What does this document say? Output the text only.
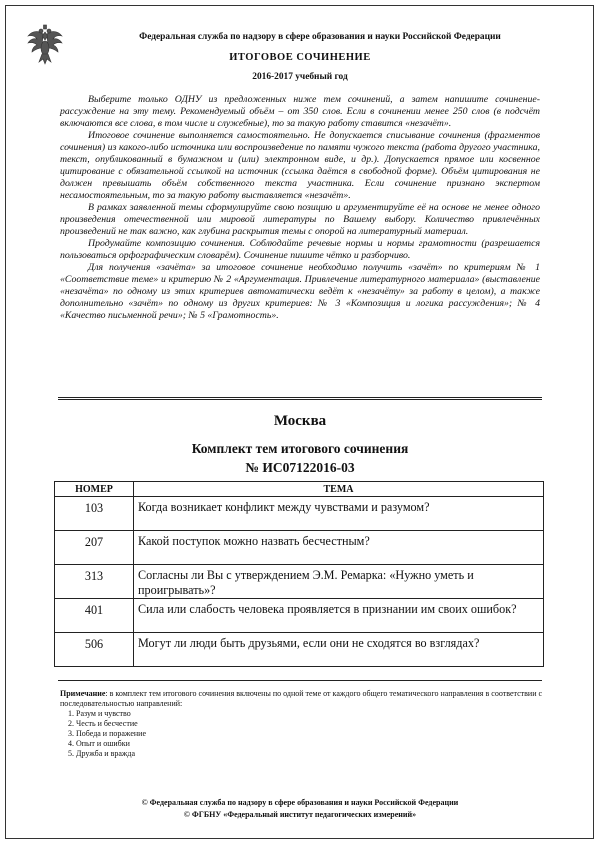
Федеральная служба по надзору в сфере образования и науки Российской Федерации
ИТОГОВОЕ СОЧИНЕНИЕ
2016-2017 учебный год

Выберите только ОДНУ из предложенных ниже тем сочинений, а затем напишите сочинение-рассуждение на эту тему. Рекомендуемый объём – от 350 слов. Если в сочинении менее 250 слов (в подсчёт включаются все слова, в том числе и служебные), то за такую работу ставится «незачёт».

Итоговое сочинение выполняется самостоятельно. Не допускается списывание сочинения (фрагментов сочинения) из какого-либо источника или воспроизведение по памяти чужого текста (работа другого участника, текст, опубликованный в бумажном и (или) электронном виде, и др.). Допускается прямое или косвенное цитирование с обязательной ссылкой на источник (ссылка даётся в свободной форме). Объём цитирования не должен превышать объём собственного текста участника. Если сочинение признано экспертом несамостоятельным, то за такую работу выставляется «незачёт».

В рамках заявленной темы сформулируйте свою позицию и аргументируйте её на основе не менее одного произведения отечественной или мировой литературы по Вашему выбору. Количество привлечённых произведений не так важно, как глубина раскрытия темы с опорой на литературный материал.

Продумайте композицию сочинения. Соблюдайте речевые нормы и нормы грамотности (разрешается пользоваться орфографическим словарём). Сочинение пишите чётко и разборчиво.

Для получения «зачёта» за итоговое сочинение необходимо получить «зачёт» по критериям № 1 «Соответствие теме» и критерию № 2 «Аргументация. Привлечение литературного материала» (выставление «незачёта» по одному из этих критериев автоматически ведёт к «незачёту» за работу в целом), а также дополнительно «зачёт» по одному из других критериев: № 3 «Композиция и логика рассуждения»; № 4 «Качество письменной речи»; № 5 «Грамотность».

Москва
Комплект тем итогового сочинения
№ ИС07122016-03
НОМЕР	ТЕМА
103	Когда возникает конфликт между чувствами и разумом?
207	Какой поступок можно назвать бесчестным?
313	Согласны ли Вы с утверждением Э.М. Ремарка: «Нужно уметь и проигрывать»?
401	Сила или слабость человека проявляется в признании им своих ошибок?
506	Могут ли люди быть друзьями, если они не сходятся во взглядах?
Примечание: в комплект тем итогового сочинения включены по одной теме от каждого общего тематического направления в соответствии с последовательностью направлений:
1. Разум и чувство
2. Честь и бесчестие
3. Победа и поражение
4. Опыт и ошибки
5. Дружба и вражда
© Федеральная служба по надзору в сфере образования и науки Российской Федерации
© ФГБНУ «Федеральный институт педагогических измерений»
